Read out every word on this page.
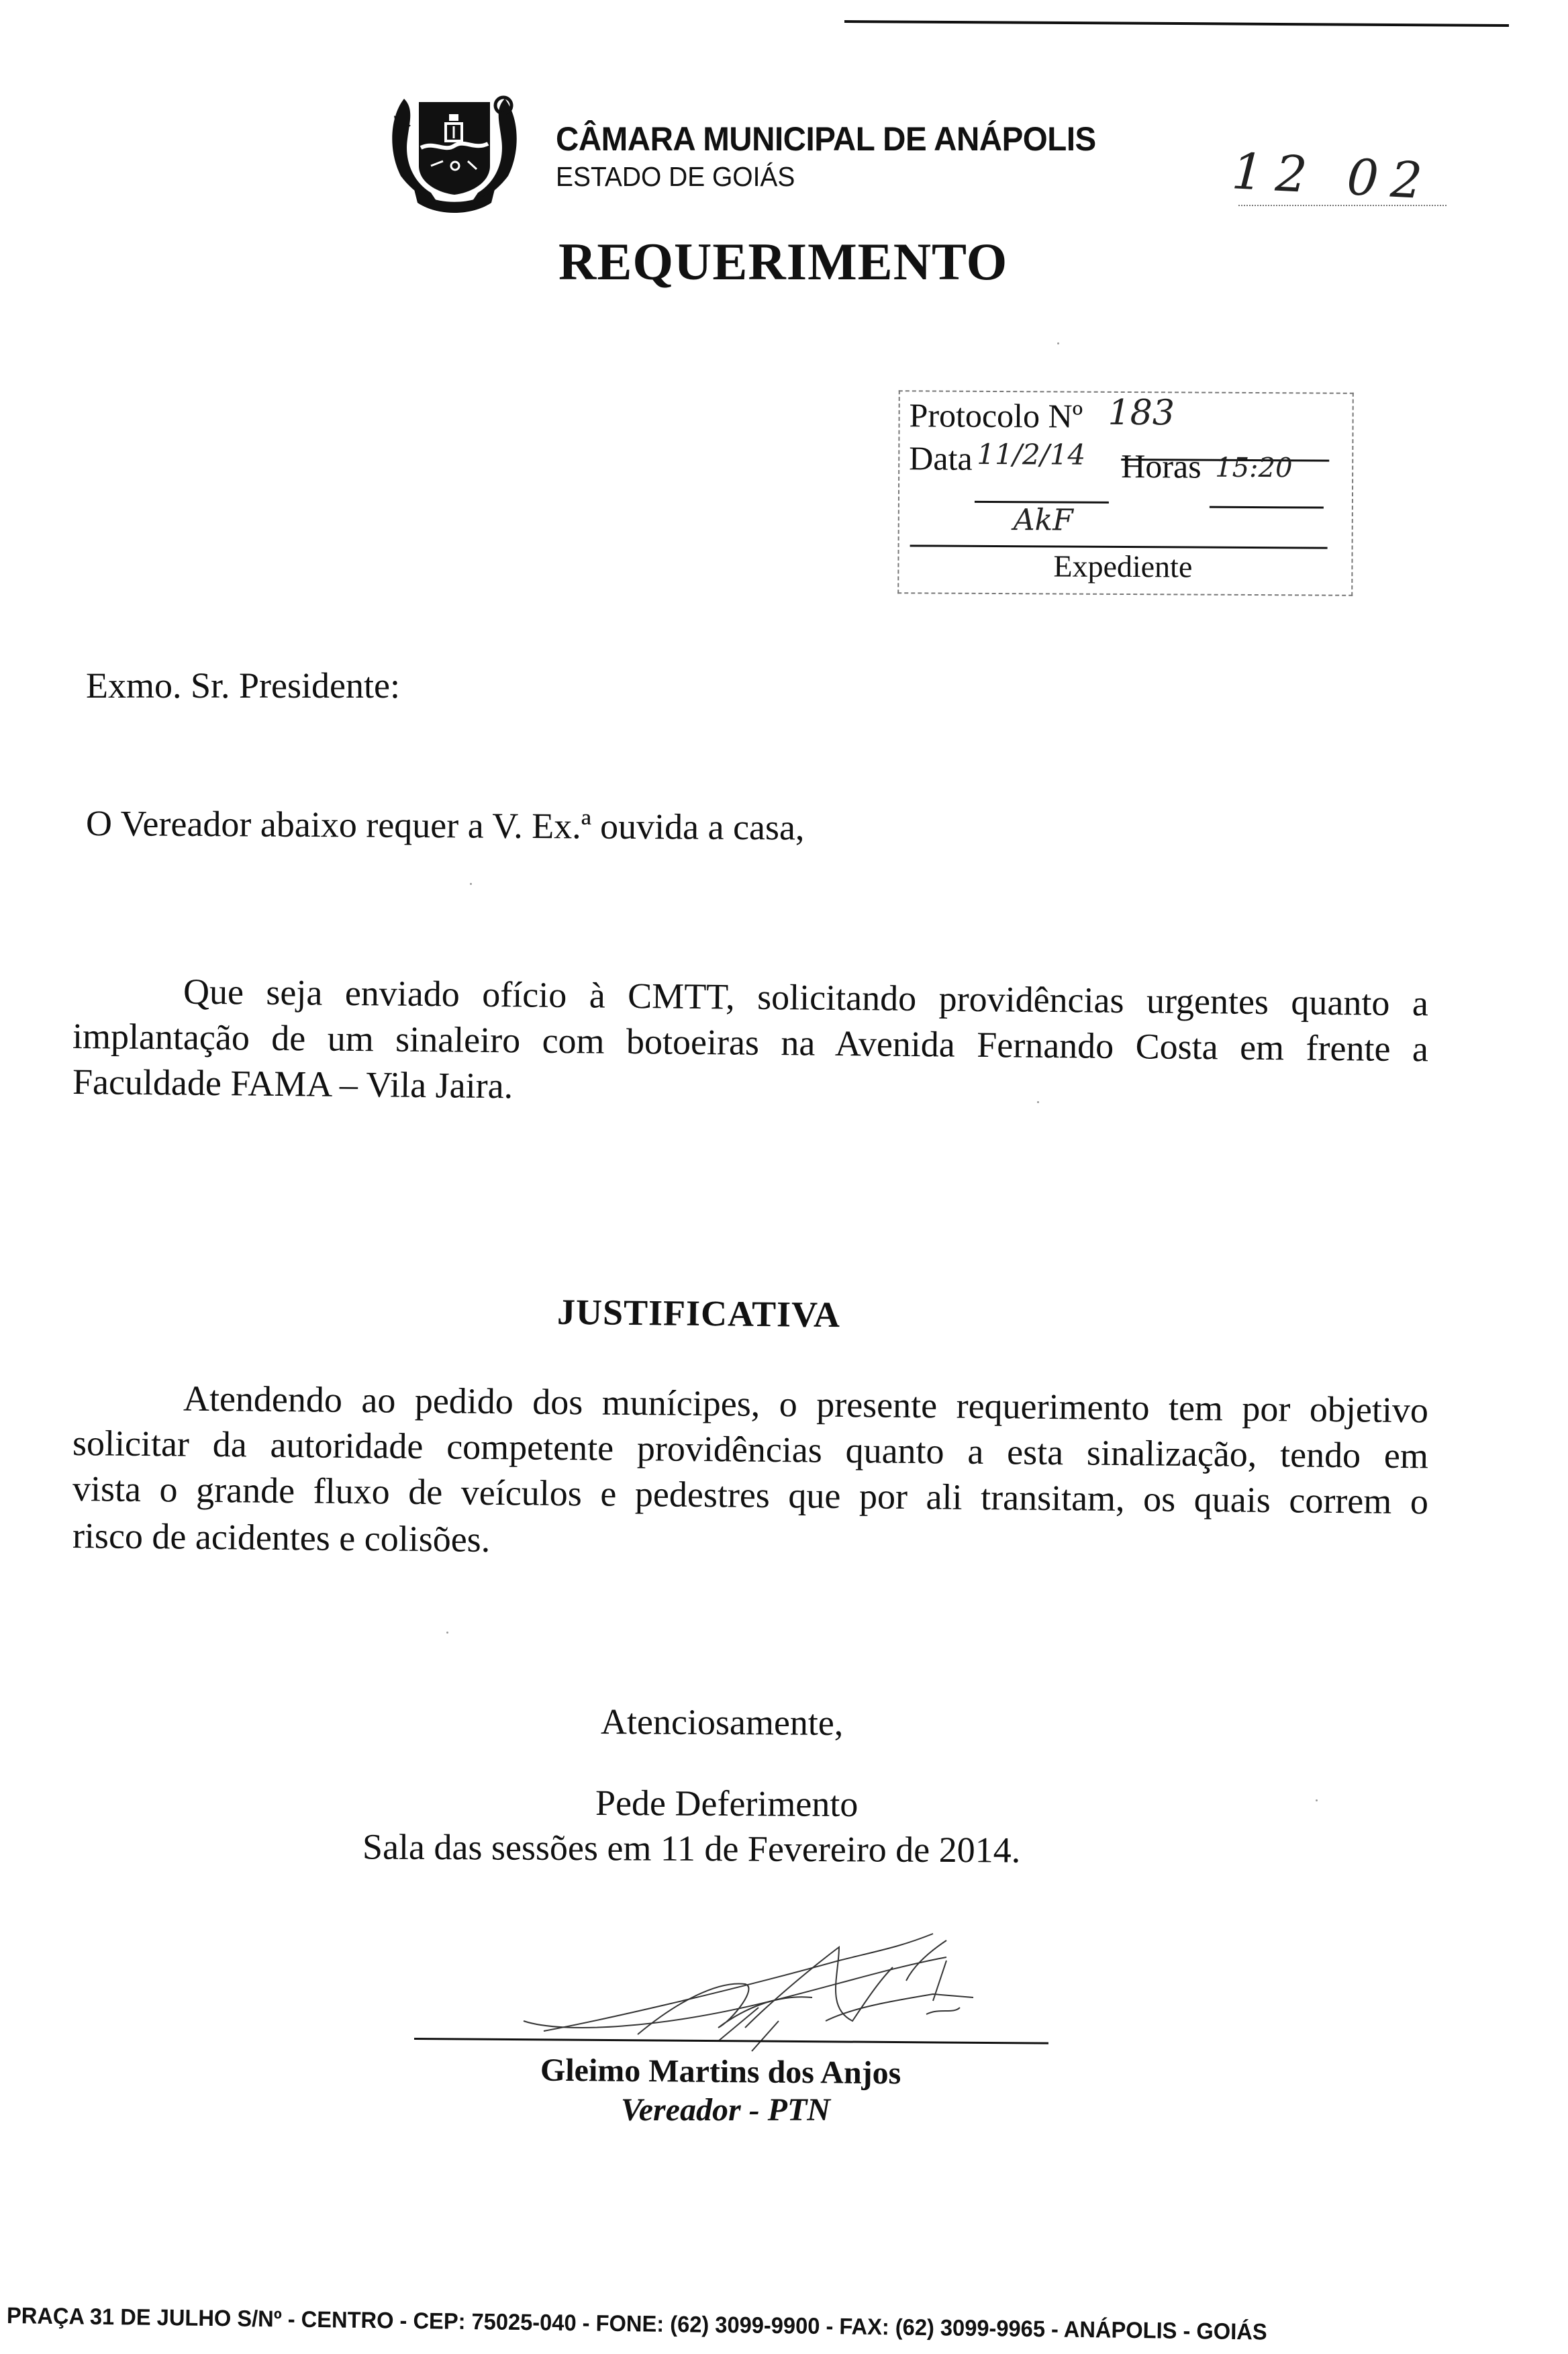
CÂMARA MUNICIPAL DE ANÁPOLIS
ESTADO DE GOIÁS	12 02
REQUERIMENTO
Protocolo Nº 183
Data 11/2/14 Horas 15:20
AkF
Expediente
Exmo. Sr. Presidente:
O Vereador abaixo requer a V. Ex.ª ouvida a casa,
Que seja enviado ofício à CMTT, solicitando providências urgentes quanto a
implantação de um sinaleiro com botoeiras na Avenida Fernando Costa em frente a
Faculdade FAMA – Vila Jaira.
JUSTIFICATIVA
Atendendo ao pedido dos munícipes, o presente requerimento tem por objetivo
solicitar da autoridade competente providências quanto a esta sinalização, tendo em
vista o grande fluxo de veículos e pedestres que por ali transitam, os quais correm o
risco de acidentes e colisões.
Atenciosamente,
Pede Deferimento
Sala das sessões em 11 de Fevereiro de 2014.
Gleimo Martins dos Anjos
Vereador - PTN
PRAÇA 31 DE JULHO S/Nº - CENTRO - CEP: 75025-040 - FONE: (62) 3099-9900 - FAX: (62) 3099-9965 - ANÁPOLIS - GOIÁS
